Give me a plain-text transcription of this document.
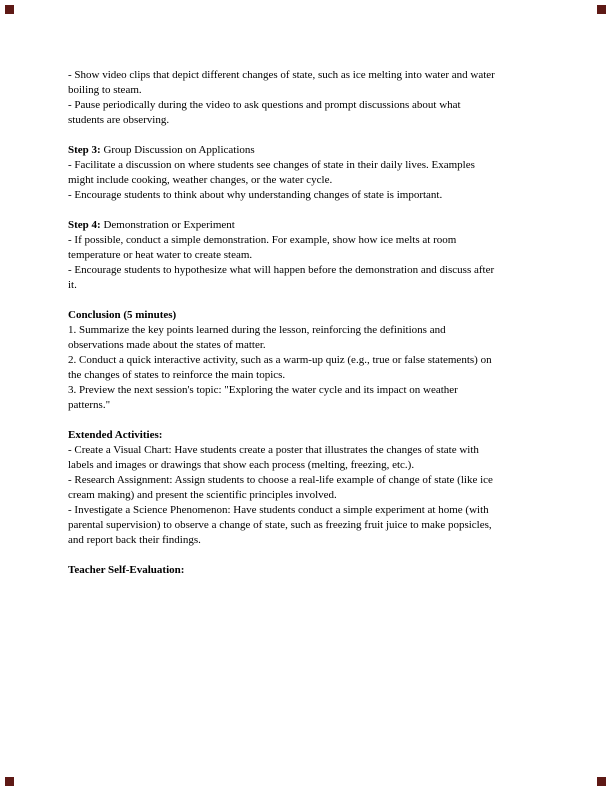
- Show video clips that depict different changes of state, such as ice melting into water and water
boiling to steam.
- Pause periodically during the video to ask questions and prompt discussions about what
students are observing.
Step 3: Group Discussion on Applications
- Facilitate a discussion on where students see changes of state in their daily lives. Examples
might include cooking, weather changes, or the water cycle.
- Encourage students to think about why understanding changes of state is important.
Step 4: Demonstration or Experiment
- If possible, conduct a simple demonstration. For example, show how ice melts at room
temperature or heat water to create steam.
- Encourage students to hypothesize what will happen before the demonstration and discuss after
it.
Conclusion (5 minutes)
1. Summarize the key points learned during the lesson, reinforcing the definitions and
observations made about the states of matter.
2. Conduct a quick interactive activity, such as a warm-up quiz (e.g., true or false statements) on
the changes of states to reinforce the main topics.
3. Preview the next session's topic: "Exploring the water cycle and its impact on weather
patterns."
Extended Activities:
- Create a Visual Chart: Have students create a poster that illustrates the changes of state with
labels and images or drawings that show each process (melting, freezing, etc.).
- Research Assignment: Assign students to choose a real-life example of change of state (like ice
cream making) and present the scientific principles involved.
- Investigate a Science Phenomenon: Have students conduct a simple experiment at home (with
parental supervision) to observe a change of state, such as freezing fruit juice to make popsicles,
and report back their findings.
Teacher Self-Evaluation:
